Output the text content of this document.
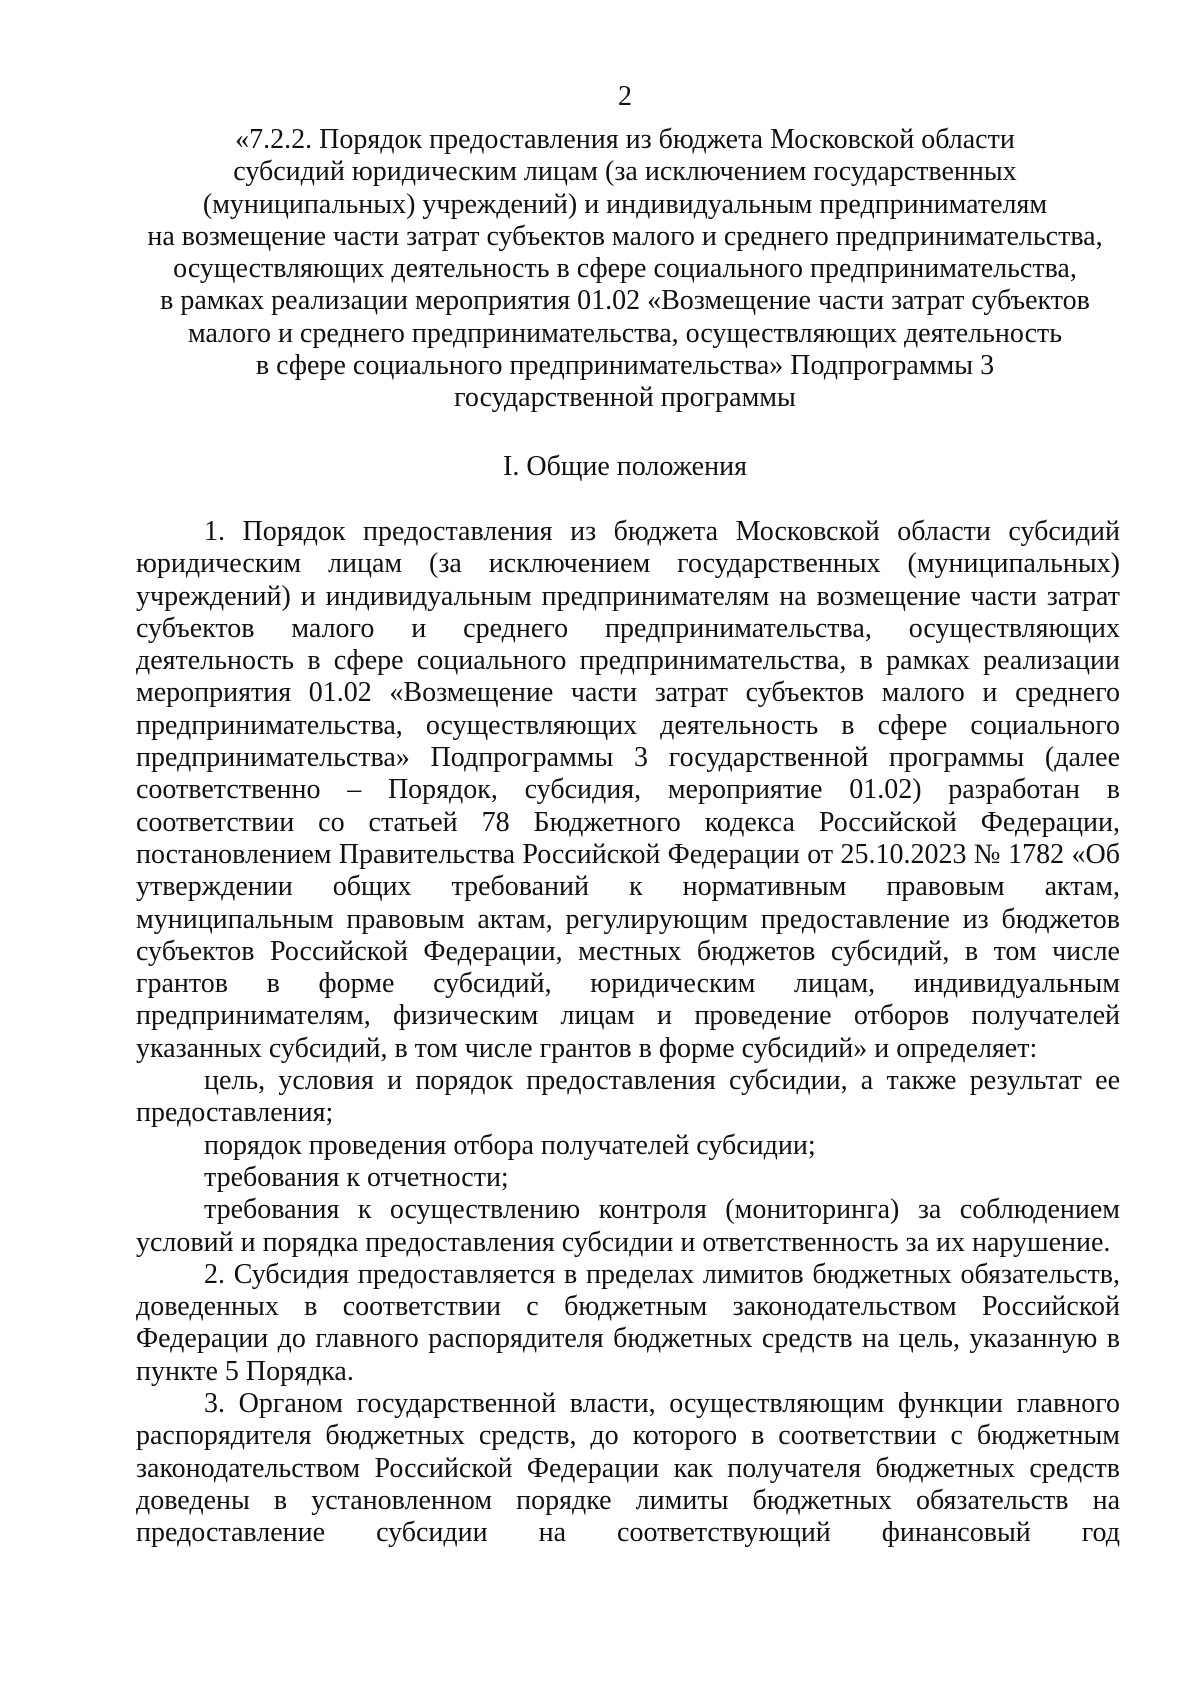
2
«7.2.2. Порядок предоставления из бюджета Московской области
субсидий юридическим лицам (за исключением государственных
(муниципальных) учреждений) и индивидуальным предпринимателям
на возмещение части затрат субъектов малого и среднего предпринимательства,
осуществляющих деятельность в сфере социального предпринимательства,
в рамках реализации мероприятия 01.02 «Возмещение части затрат субъектов
малого и среднего предпринимательства, осуществляющих деятельность
в сфере социального предпринимательства» Подпрограммы 3
государственной программы
I. Общие положения

1. Порядок предоставления из бюджета Московской области субсидий юридическим лицам (за исключением государственных (муниципальных) учреждений) и индивидуальным предпринимателям на возмещение части затрат субъектов малого и среднего предпринимательства, осуществляющих деятельность в сфере социального предпринимательства, в рамках реализации мероприятия 01.02 «Возмещение части затрат субъектов малого и среднего предпринимательства, осуществляющих деятельность в сфере социального предпринимательства» Подпрограммы 3 государственной программы (далее соответственно – Порядок, субсидия, мероприятие 01.02) разработан в соответствии со статьей 78 Бюджетного кодекса Российской Федерации, постановлением Правительства Российской Федерации от 25.10.2023 № 1782 «Об утверждении общих требований к нормативным правовым актам, муниципальным правовым актам, регулирующим предоставление из бюджетов субъектов Российской Федерации, местных бюджетов субсидий, в том числе грантов в форме субсидий, юридическим лицам, индивидуальным предпринимателям, физическим лицам и проведение отборов получателей указанных субсидий, в том числе грантов в форме субсидий» и определяет:

цель, условия и порядок предоставления субсидии, а также результат ее предоставления;

порядок проведения отбора получателей субсидии;

требования к отчетности;

требования к осуществлению контроля (мониторинга) за соблюдением условий и порядка предоставления субсидии и ответственность за их нарушение.

2. Субсидия предоставляется в пределах лимитов бюджетных обязательств, доведенных в соответствии с бюджетным законодательством Российской Федерации до главного распорядителя бюджетных средств на цель, указанную в пункте 5 Порядка.

3. Органом государственной власти, осуществляющим функции главного распорядителя бюджетных средств, до которого в соответствии с бюджетным законодательством Российской Федерации как получателя бюджетных средств доведены в установленном порядке лимиты бюджетных обязательств на предоставление субсидии на соответствующий финансовый год
